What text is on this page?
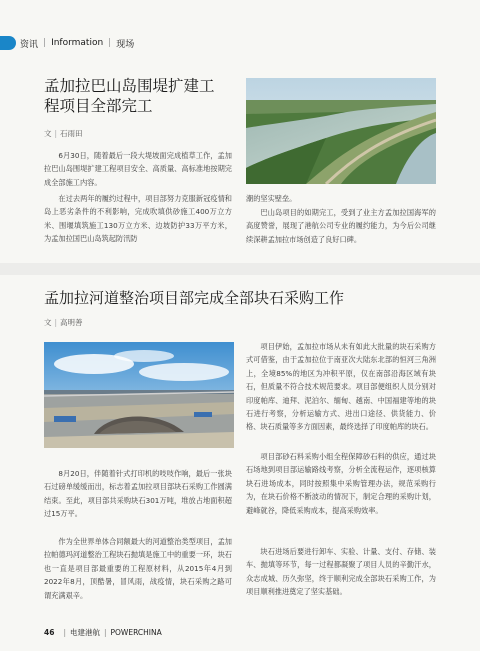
资讯 | Information | 现场
孟加拉巴山岛围堤扩建工程项目全部完工
文 | 石雨田

6月30日，随着最后一段大堤坡面完成植草工作，孟加拉巴山岛围堤扩建工程项目安全、高质量、高标准地按期完成全部施工内容。

在过去两年的履约过程中，项目部努力克服新冠疫情和岛上恶劣条件的不利影响，完成吹填供砂施工400万立方米、围堰填筑施工130万立方米、边坡防护33万平方米，为孟加拉国巴山岛筑起防汛防

潮的坚实壁垒。

巴山岛项目的如期完工，受到了业主方孟加拉国海军的高度赞誉，展现了港航公司专业的履约能力，为今后公司继续深耕孟加拉市场创造了良好口碑。

孟加拉河道整治项目部完成全部块石采购工作
文 | 高明善

8月20日，伴随着针式打印机的吱吱作响，最后一张块石过磅单缓缓而出，标志着孟加拉项目部块石采购工作圆满结束。至此，项目部共采购块石301万吨，堆放占地面积超过15万平。

作为全世界单体合同额最大的河道整治类型项目，孟加拉帕德玛河道整治工程块石抛填是施工中的重要一环，块石也一直是项目部最重要的工程原材料，从2015年4月到2022年8月，顶酷暑，冒风雨，战疫情，块石采购之路可谓充满艰辛。

项目伊始，孟加拉市场从未有如此大批量的块石采购方式可借鉴，由于孟加拉位于南亚次大陆东北部的恒河三角洲上，全境85%的地区为冲积平原，仅在南部沿海区域有块石，但质量不符合技术规范要求。项目部便组织人员分别对印度帕库、迪拜、泥泊尔、缅甸、越南、中国福建等地的块石进行考察，分析运输方式、进出口途径、供货能力、价格、块石质量等多方面因素，最终选择了印度帕库的块石。

项目部砂石料采购小组全程保障砂石料的供应，通过块石场地到项目部运输路线考察，分析全流程运作，逐项核算块石进场成本，同时按照集中采购管理办法，规范采购行为，在块石价格不断波动的情况下，制定合理的采购计划，避峰就谷，降低采购成本，提高采购效率。

块石进场后要进行卸车、实验、计量、支付、存储、装车、抛填等环节，每一过程都凝聚了项目人员的辛勤汗水，众志成城、历久弥坚，终于顺利完成全部块石采购工作，为项目顺利推进奠定了坚实基础。

46 | 电建港航 | POWERCHINA
